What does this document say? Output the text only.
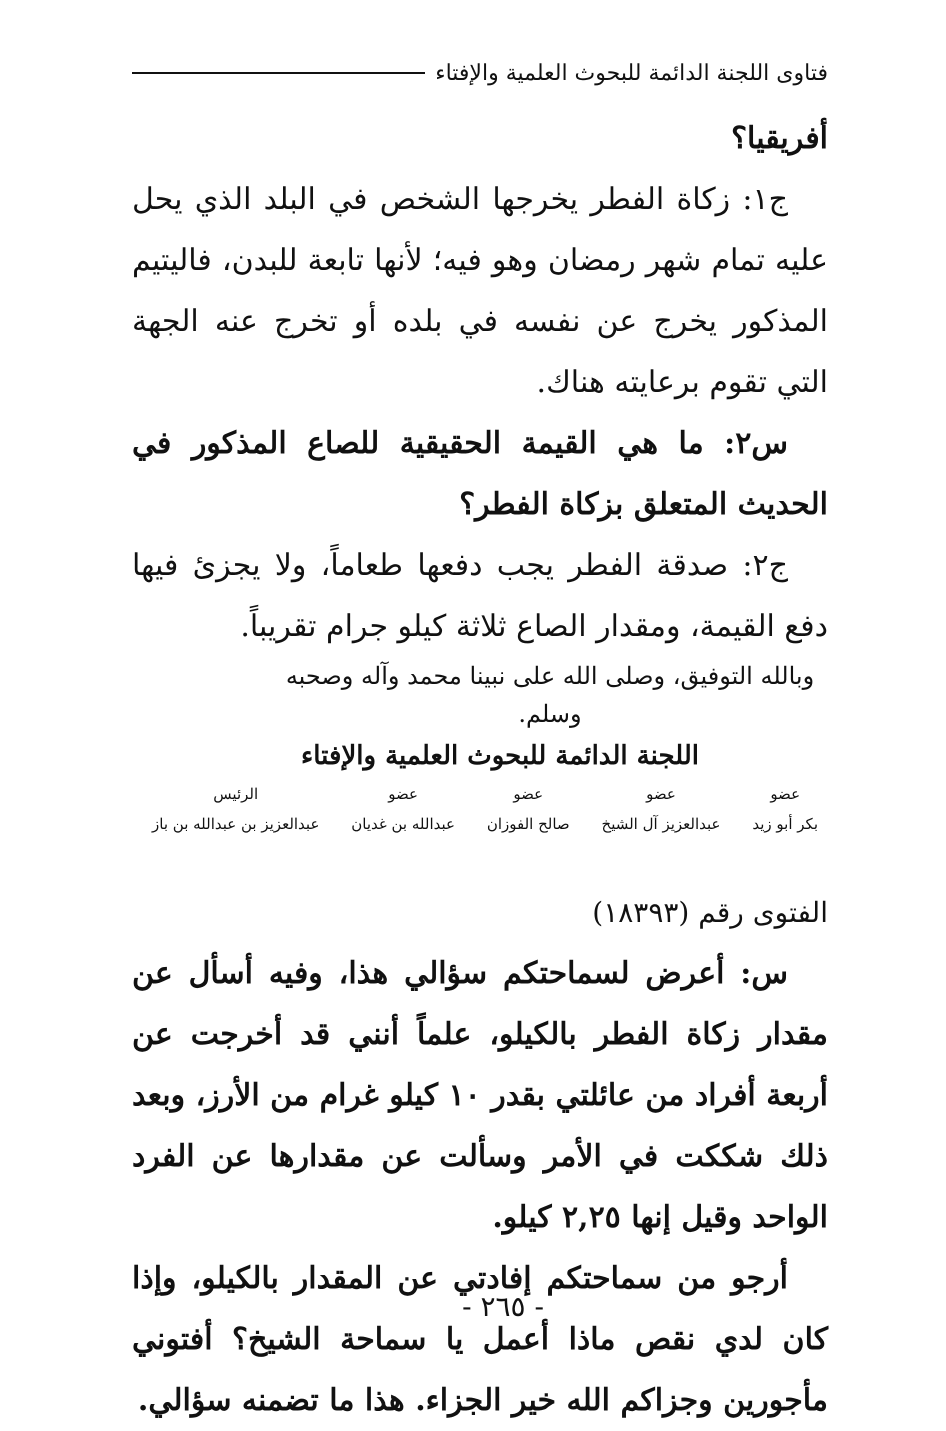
فتاوى اللجنة الدائمة للبحوث العلمية والإفتاء

أفريقيا؟

ج١: زكاة الفطر يخرجها الشخص في البلد الذي يحل عليه تمام شهر رمضان وهو فيه؛ لأنها تابعة للبدن، فاليتيم المذكور يخرج عن نفسه في بلده أو تخرج عنه الجهة التي تقوم برعايته هناك.

س٢: ما هي القيمة الحقيقية للصاع المذكور في الحديث المتعلق بزكاة الفطر؟

ج٢: صدقة الفطر يجب دفعها طعاماً، ولا يجزئ فيها دفع القيمة، ومقدار الصاع ثلاثة كيلو جرام تقريباً.

وبالله التوفيق، وصلى الله على نبينا محمد وآله وصحبه وسلم.

اللجنة الدائمة للبحوث العلمية والإفتاء

عضو
بكر أبو زيد
عضو
عبدالعزيز آل الشيخ
عضو
صالح الفوزان
عضو
عبدالله بن غديان
الرئيس
عبدالعزيز بن عبدالله بن باز

الفتوى رقم (١٨٣٩٣)

س: أعرض لسماحتكم سؤالي هذا، وفيه أسأل عن مقدار زكاة الفطر بالكيلو، علماً أنني قد أخرجت عن أربعة أفراد من عائلتي بقدر ١٠ كيلو غرام من الأرز، وبعد ذلك شككت في الأمر وسألت عن مقدارها عن الفرد الواحد وقيل إنها ٢,٢٥ كيلو.

أرجو من سماحتكم إفادتي عن المقدار بالكيلو، وإذا كان لدي نقص ماذا أعمل يا سماحة الشيخ؟ أفتوني مأجورين وجزاكم الله خير الجزاء. هذا ما تضمنه سؤالي.

- ٢٦٥ -
